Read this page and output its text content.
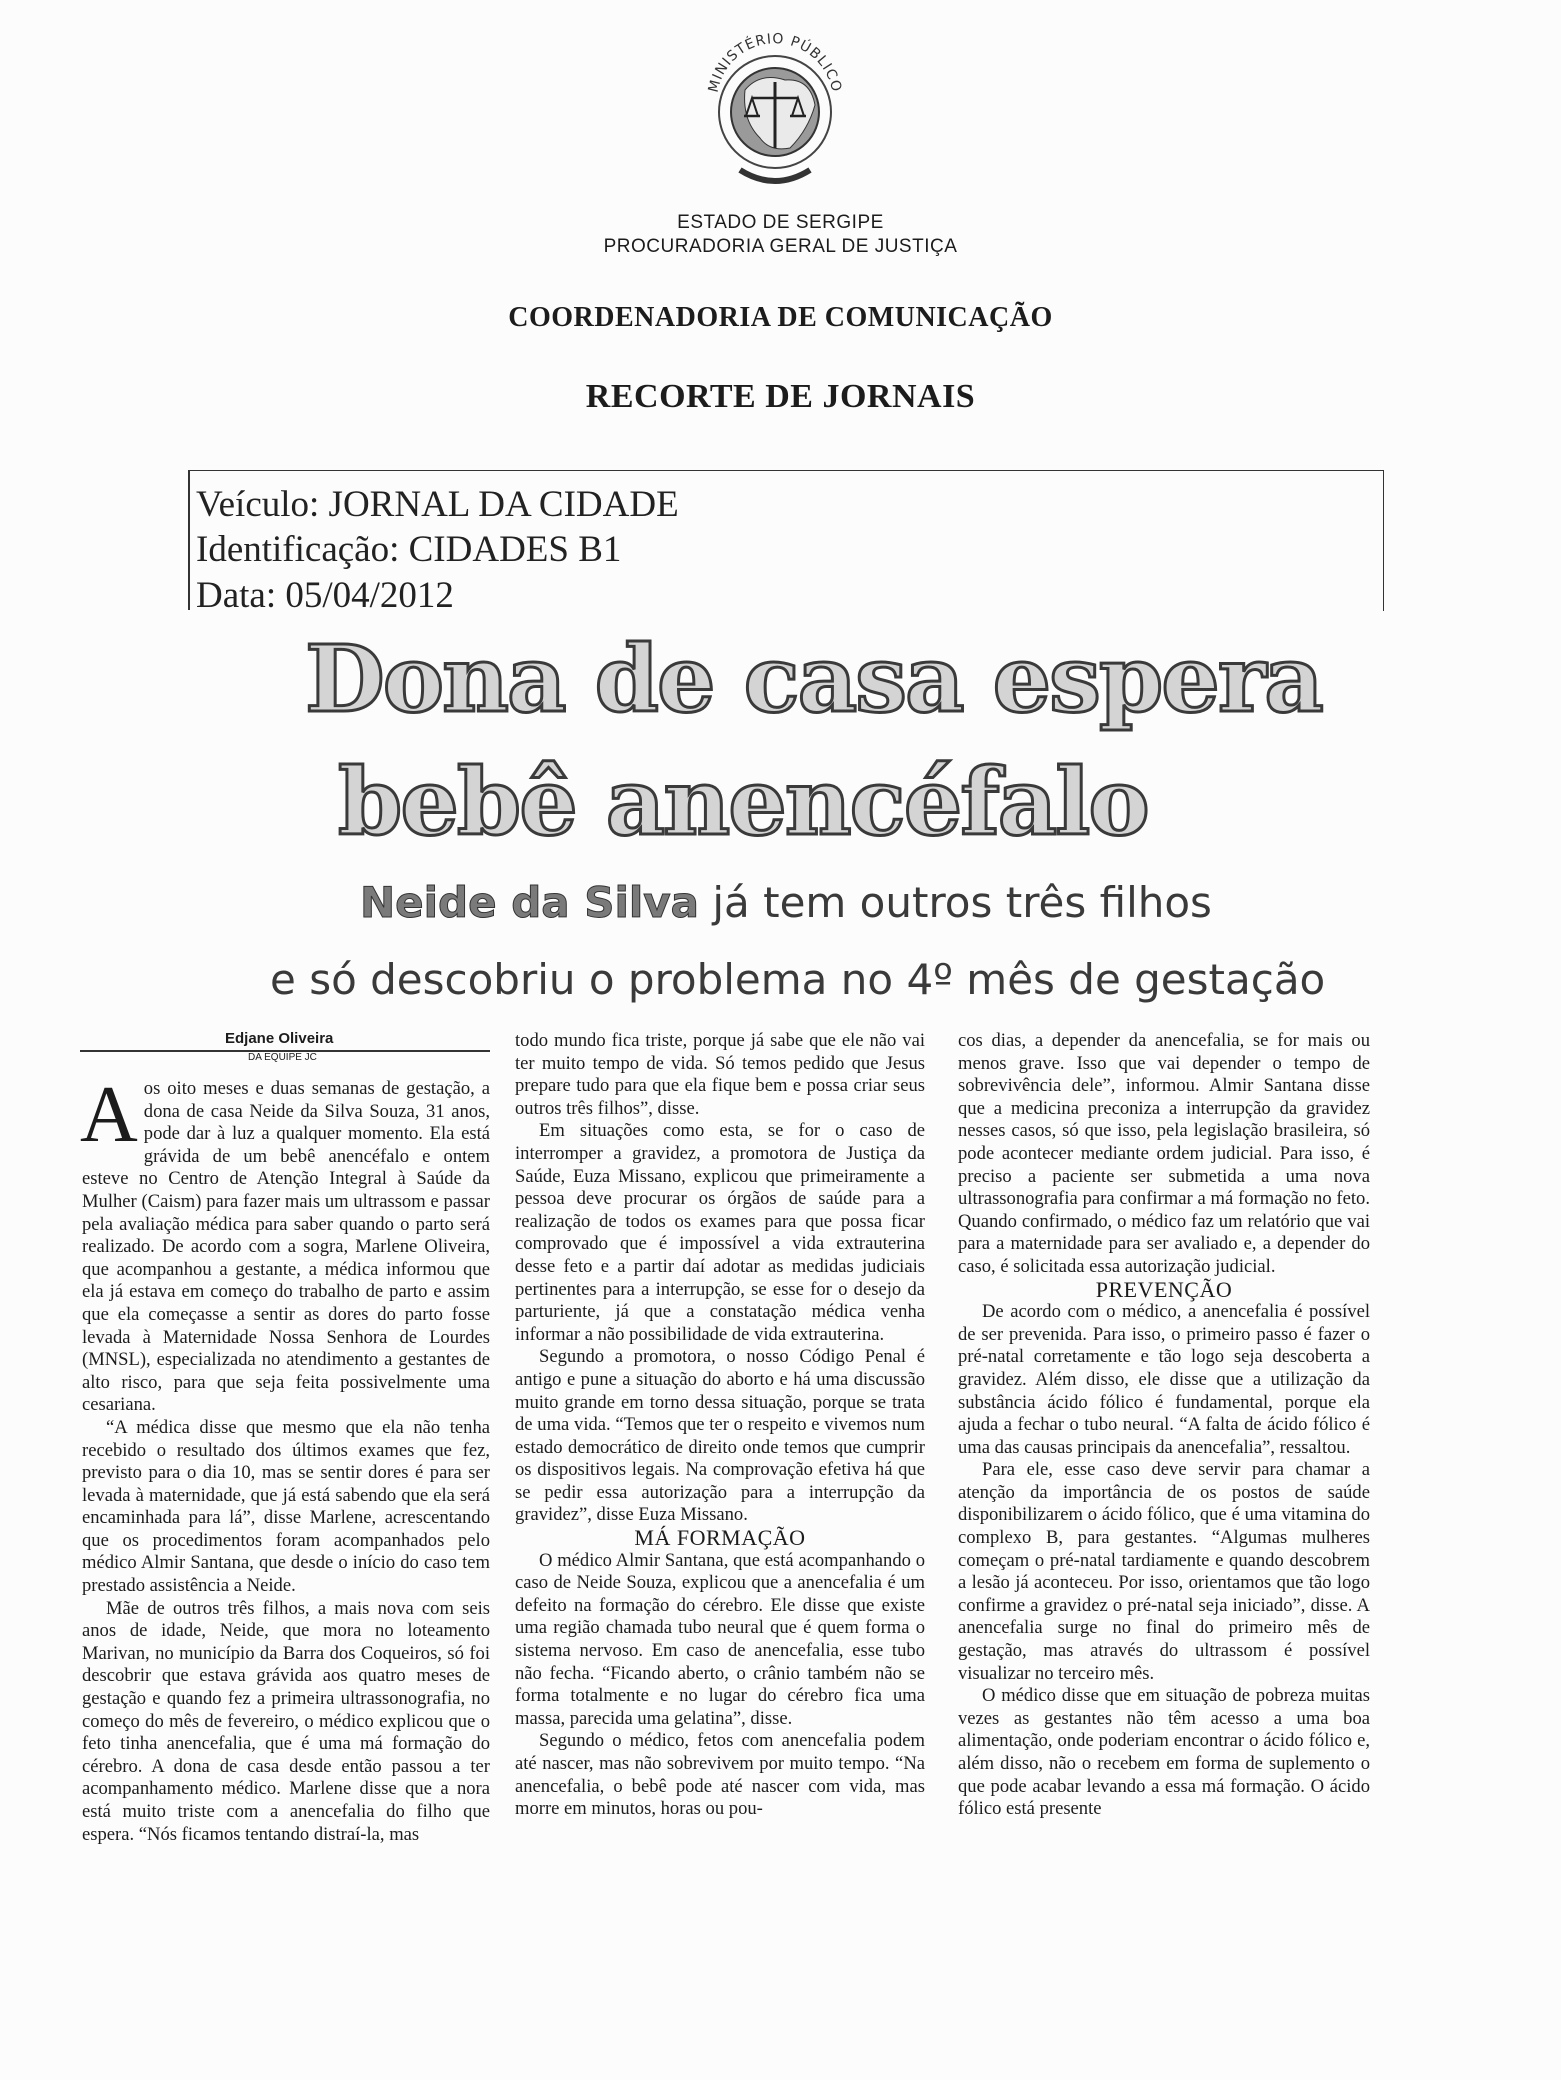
MINISTÉRIO PÚBLICO
ESTADO DE SERGIPE
PROCURADORIA GERAL DE JUSTIÇA
COORDENADORIA DE COMUNICAÇÃO
RECORTE DE JORNAIS
Veículo: JORNAL DA CIDADE
Identificação: CIDADES B1
Data: 05/04/2012
Dona de casa espera
bebê anencéfalo
Neide da Silva já tem outros três filhos
e só descobriu o problema no 4º mês de gestação
Edjane Oliveira
DA EQUIPE JC

Aos oito meses e duas semanas de gestação, a dona de casa Neide da Silva Souza, 31 anos, pode dar à luz a qualquer momento. Ela está grávida de um bebê anencéfalo e ontem esteve no Centro de Atenção Integral à Saúde da Mulher (Caism) para fazer mais um ultrassom e passar pela avaliação médica para saber quando o parto será realizado. De acordo com a sogra, Marlene Oliveira, que acompanhou a gestante, a médica informou que ela já estava em começo do trabalho de parto e assim que ela começasse a sentir as dores do parto fosse levada à Maternidade Nossa Senhora de Lourdes (MNSL), especializada no atendimento a gestantes de alto risco, para que seja feita possivelmente uma cesariana.

“A médica disse que mesmo que ela não tenha recebido o resultado dos últimos exames que fez, previsto para o dia 10, mas se sentir dores é para ser levada à maternidade, que já está sabendo que ela será encaminhada para lá”, disse Marlene, acrescentando que os procedimentos foram acompanhados pelo médico Almir Santana, que desde o início do caso tem prestado assistência a Neide.

Mãe de outros três filhos, a mais nova com seis anos de idade, Neide, que mora no loteamento Marivan, no município da Barra dos Coqueiros, só foi descobrir que estava grávida aos quatro meses de gestação e quando fez a primeira ultrassonografia, no começo do mês de fevereiro, o médico explicou que o feto tinha anencefalia, que é uma má formação do cérebro. A dona de casa desde então passou a ter acompanhamento médico. Marlene disse que a nora está muito triste com a anencefalia do filho que espera. “Nós ficamos tentando distraí-la, mas

todo mundo fica triste, porque já sabe que ele não vai ter muito tempo de vida. Só temos pedido que Jesus prepare tudo para que ela fique bem e possa criar seus outros três filhos”, disse.

Em situações como esta, se for o caso de interromper a gravidez, a promotora de Justiça da Saúde, Euza Missano, explicou que primeiramente a pessoa deve procurar os órgãos de saúde para a realização de todos os exames para que possa ficar comprovado que é impossível a vida extrauterina desse feto e a partir daí adotar as medidas judiciais pertinentes para a interrupção, se esse for o desejo da parturiente, já que a constatação médica venha informar a não possibilidade de vida extrauterina.

Segundo a promotora, o nosso Código Penal é antigo e pune a situação do aborto e há uma discussão muito grande em torno dessa situação, porque se trata de uma vida. “Temos que ter o respeito e vivemos num estado democrático de direito onde temos que cumprir os dispositivos legais. Na comprovação efetiva há que se pedir essa autorização para a interrupção da gravidez”, disse Euza Missano.

MÁ FORMAÇÃO

O médico Almir Santana, que está acompanhando o caso de Neide Souza, explicou que a anencefalia é um defeito na formação do cérebro. Ele disse que existe uma região chamada tubo neural que é quem forma o sistema nervoso. Em caso de anencefalia, esse tubo não fecha. “Ficando aberto, o crânio também não se forma totalmente e no lugar do cérebro fica uma massa, parecida uma gelatina”, disse.

Segundo o médico, fetos com anencefalia podem até nascer, mas não sobrevivem por muito tempo. “Na anencefalia, o bebê pode até nascer com vida, mas morre em minutos, horas ou pou-

cos dias, a depender da anencefalia, se for mais ou menos grave. Isso que vai depender o tempo de sobrevivência dele”, informou. Almir Santana disse que a medicina preconiza a interrupção da gravidez nesses casos, só que isso, pela legislação brasileira, só pode acontecer mediante ordem judicial. Para isso, é preciso a paciente ser submetida a uma nova ultrassonografia para confirmar a má formação no feto. Quando confirmado, o médico faz um relatório que vai para a maternidade para ser avaliado e, a depender do caso, é solicitada essa autorização judicial.

PREVENÇÃO

De acordo com o médico, a anencefalia é possível de ser prevenida. Para isso, o primeiro passo é fazer o pré-natal corretamente e tão logo seja descoberta a gravidez. Além disso, ele disse que a utilização da substância ácido fólico é fundamental, porque ela ajuda a fechar o tubo neural. “A falta de ácido fólico é uma das causas principais da anencefalia”, ressaltou.

Para ele, esse caso deve servir para chamar a atenção da importância de os postos de saúde disponibilizarem o ácido fólico, que é uma vitamina do complexo B, para gestantes. “Algumas mulheres começam o pré-natal tardiamente e quando descobrem a lesão já aconteceu. Por isso, orientamos que tão logo confirme a gravidez o pré-natal seja iniciado”, disse. A anencefalia surge no final do primeiro mês de gestação, mas através do ultrassom é possível visualizar no terceiro mês.

O médico disse que em situação de pobreza muitas vezes as gestantes não têm acesso a uma boa alimentação, onde poderiam encontrar o ácido fólico e, além disso, não o recebem em forma de suplemento o que pode acabar levando a essa má formação. O ácido fólico está presente
